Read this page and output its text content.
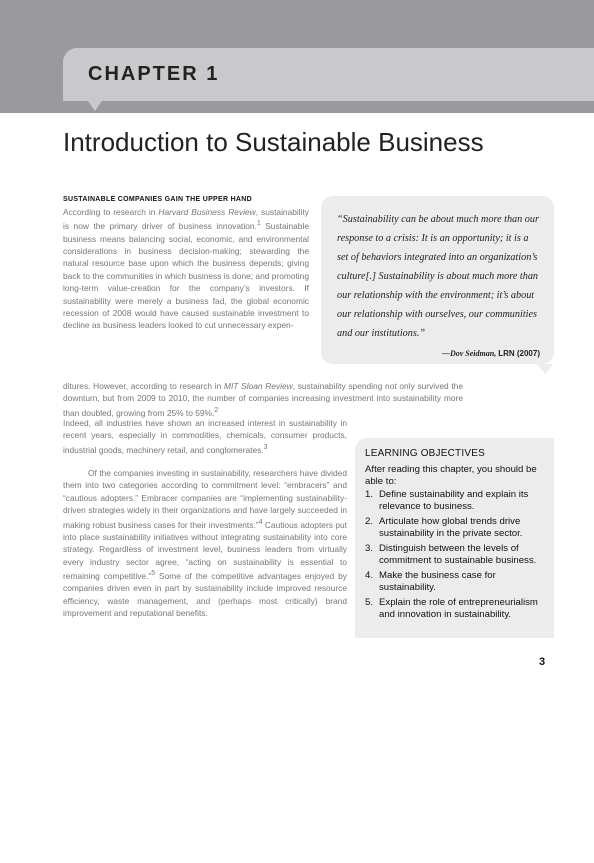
CHAPTER 1
Introduction to Sustainable Business
SUSTAINABLE COMPANIES GAIN THE UPPER HAND

According to research in Harvard Business Review, sustainability is now the primary driver of business innovation.$^1$ Sustainable business means balancing social, economic, and environmental considerations in business decision-making; stewarding the natural resource base upon which the business depends; giving back to the communities in which business is done; and promoting long-term value-creation for the company’s investors. If sustainability were merely a business fad, the global economic recession of 2008 would have caused sustainable investment to decline as business leaders looked to cut unnecessary expen-

ditures. However, according to research in MIT Sloan Review, sustainability spending not only survived the downturn, but from 2009 to 2010, the number of companies increasing investment into sustainability more than doubled, growing from 25% to 59%.$^2$

Indeed, all industries have shown an increased interest in sustainability in recent years, especially in commodities, chemicals, consumer products, industrial goods, machinery retail, and conglomerates.$^3$

Of the companies investing in sustainability, researchers have divided them into two categories according to commitment level: “embracers” and “cautious adopters.” Embracer companies are “implementing sustainability-driven strategies widely in their organizations and have largely succeeded in making robust business cases for their investments.”$^4$ Cautious adopters put into place sustainability initiatives without integrating sustainability into core strategy. Regardless of investment level, business leaders from virtually every industry sector agree, “acting on sustainability is essential to remaining competitive.”$^5$ Some of the competitive advantages enjoyed by companies driven even in part by sustainability include improved resource efficiency, waste management, and (perhaps most critically) brand improvement and reputational benefits.

“Sustainability can be about much more than our response to a crisis: It is an opportunity; it is a set of behaviors integrated into an organization’s culture[.] Sustainability is about much more than our relationship with the environment; it’s about our relationship with ourselves, our communities and our institutions.”

—Dov Seidman, LRN (2007)
LEARNING OBJECTIVES
After reading this chapter, you should be able to:
1. Define sustainability and explain its relevance to business.
2. Articulate how global trends drive sustainability in the private sector.
3. Distinguish between the levels of commitment to sustainable business.
4. Make the business case for sustainability.
5. Explain the role of entrepreneurialism and innovation in sustainability.
3
